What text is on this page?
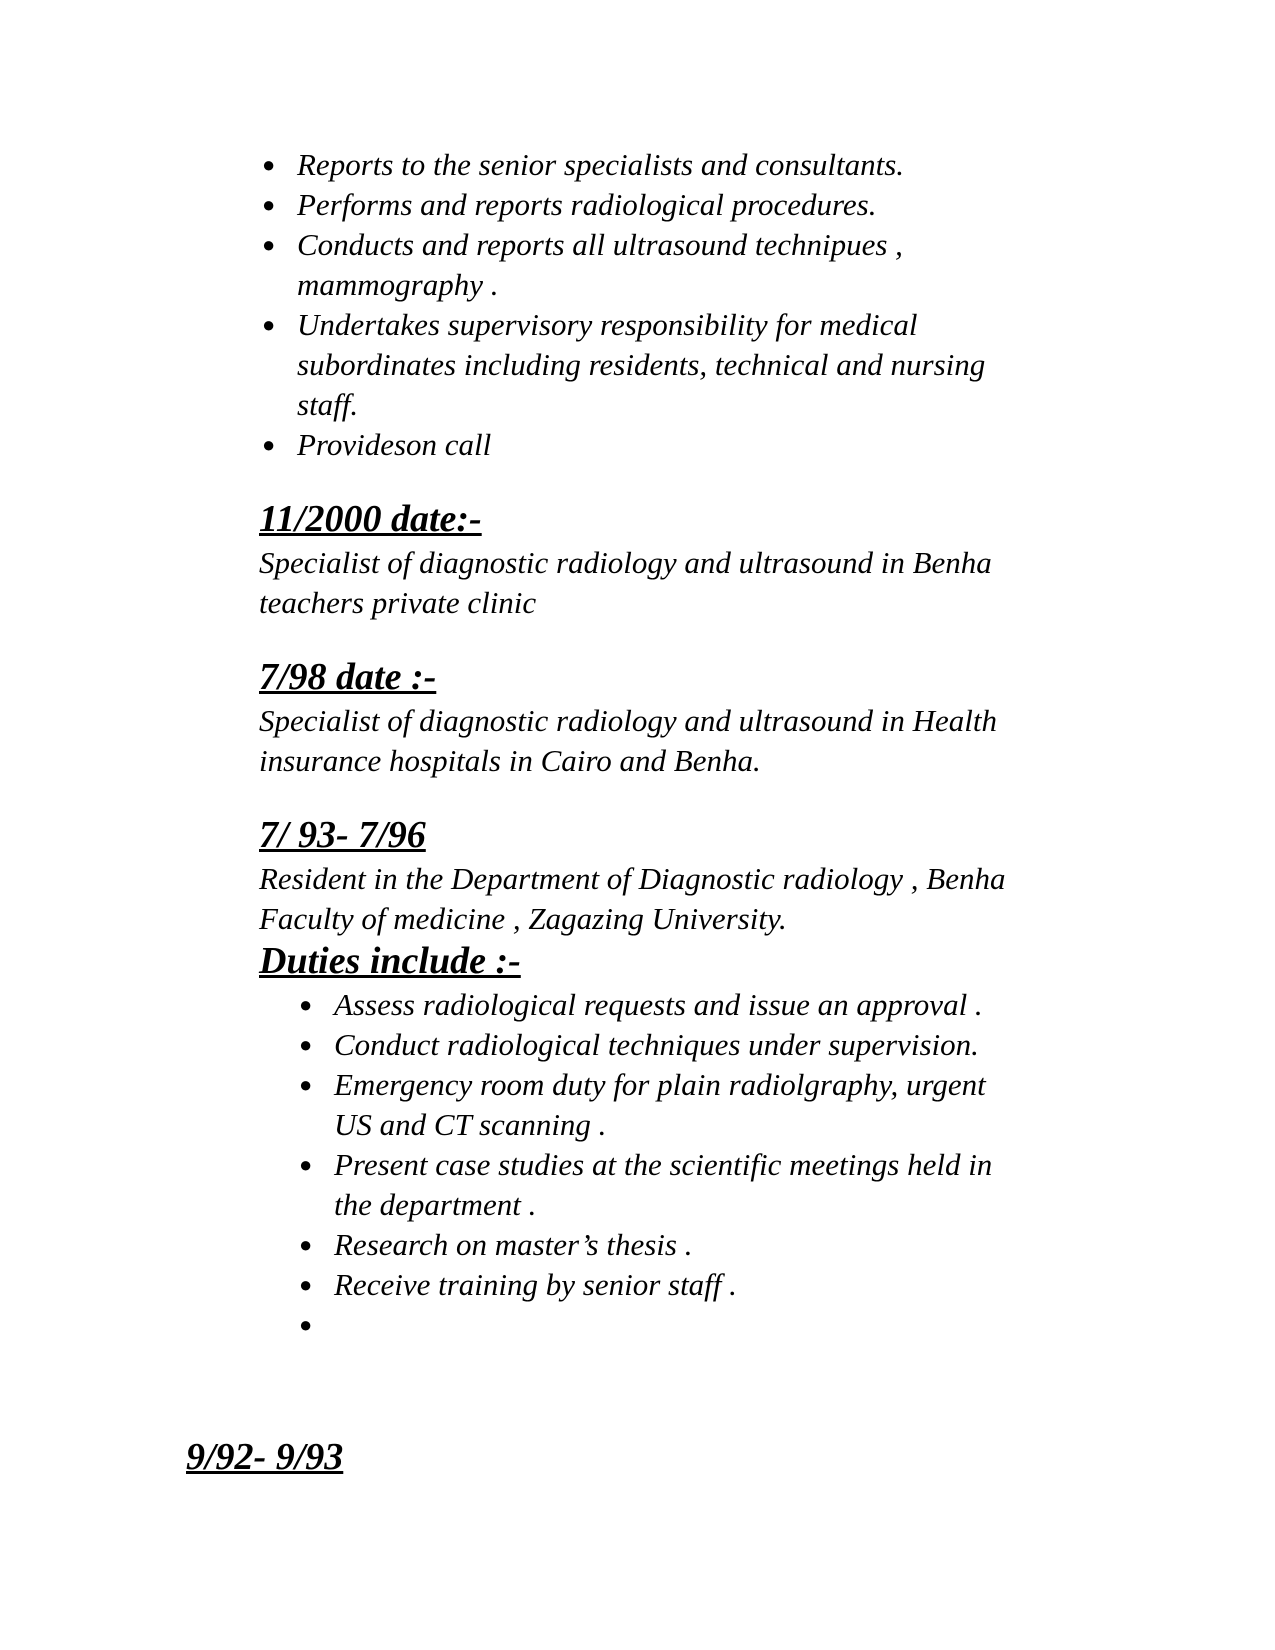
● Reports to the senior specialists and consultants.
● Performs and reports radiological procedures.
● Conducts and reports all ultrasound technipues , mammography .
● Undertakes supervisory responsibility for medical subordinates including residents, technical and nursing staff.
● Provideson call

11/2000 date:-

Specialist of diagnostic radiology and ultrasound in Benha teachers private clinic

7/98 date :-

Specialist of diagnostic radiology and ultrasound in Health insurance hospitals in Cairo and Benha.

7/ 93- 7/96

Resident in the Department of Diagnostic radiology , Benha Faculty of medicine , Zagazing University.

Duties include :-

● Assess radiological requests and issue an approval .
● Conduct radiological techniques under supervision.
● Emergency room duty for plain radiolgraphy, urgent US and CT scanning .
● Present case studies at the scientific meetings held in the department .
● Research on master’s thesis .
● Receive training by senior staff .
●
9/92- 9/93
